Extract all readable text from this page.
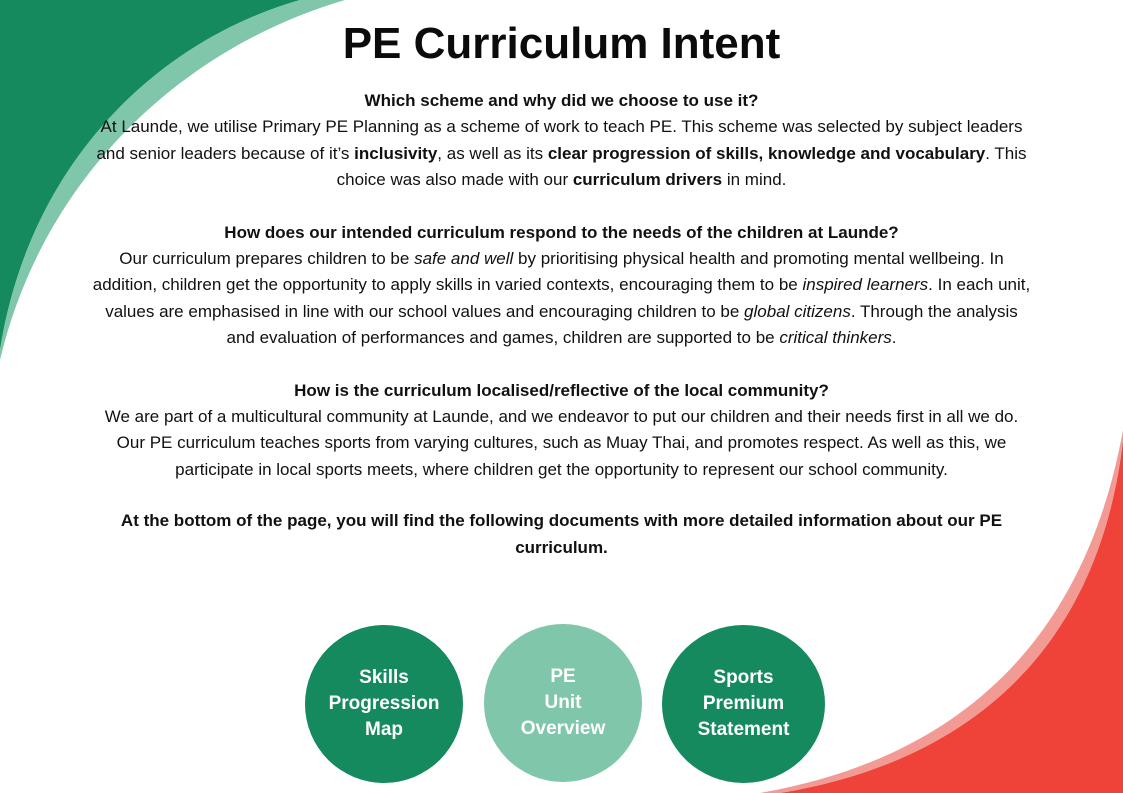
PE Curriculum Intent
Which scheme and why did we choose to use it?

At Launde, we utilise Primary PE Planning as a scheme of work to teach PE. This scheme was selected by subject leaders and senior leaders because of it’s inclusivity, as well as its clear progression of skills, knowledge and vocabulary. This choice was also made with our curriculum drivers in mind.

How does our intended curriculum respond to the needs of the children at Launde?

Our curriculum prepares children to be safe and well by prioritising physical health and promoting mental wellbeing. In addition, children get the opportunity to apply skills in varied contexts, encouraging them to be inspired learners. In each unit, values are emphasised in line with our school values and encouraging children to be global citizens. Through the analysis and evaluation of performances and games, children are supported to be critical thinkers.

How is the curriculum localised/reflective of the local community?

We are part of a multicultural community at Launde, and we endeavor to put our children and their needs first in all we do. Our PE curriculum teaches sports from varying cultures, such as Muay Thai, and promotes respect. As well as this, we participate in local sports meets, where children get the opportunity to represent our school community.

At the bottom of the page, you will find the following documents with more detailed information about our PE curriculum.
Skills
Progression
Map
PE
Unit
Overview
Sports
Premium
Statement
